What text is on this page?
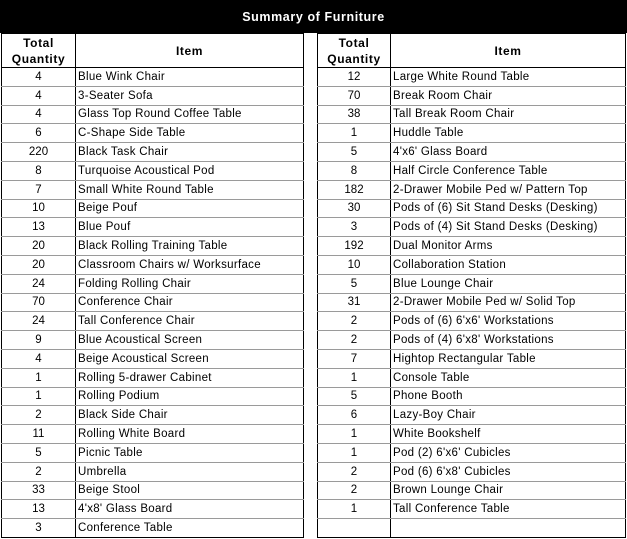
Summary of Furniture
Total
Quantity	Item
4	Blue Wink Chair
4	3-Seater Sofa
4	Glass Top Round Coffee Table
6	C-Shape Side Table
220	Black Task Chair
8	Turquoise Acoustical Pod
7	Small White Round Table
10	Beige Pouf
13	Blue Pouf
20	Black Rolling Training Table
20	Classroom Chairs w/ Worksurface
24	Folding Rolling Chair
70	Conference Chair
24	Tall Conference Chair
9	Blue Acoustical Screen
4	Beige Acoustical Screen
1	Rolling 5-drawer Cabinet
1	Rolling Podium
2	Black Side Chair
11	Rolling White Board
5	Picnic Table
2	Umbrella
33	Beige Stool
13	4'x8' Glass Board
3	Conference Table
Total
Quantity	Item
12	Large White Round Table
70	Break Room Chair
38	Tall Break Room Chair
1	Huddle Table
5	4'x6' Glass Board
8	Half Circle Conference Table
182	2-Drawer Mobile Ped w/ Pattern Top
30	Pods of (6) Sit Stand Desks (Desking)
3	Pods of (4) Sit Stand Desks (Desking)
192	Dual Monitor Arms
10	Collaboration Station
5	Blue Lounge Chair
31	2-Drawer Mobile Ped w/ Solid Top
2	Pods of (6) 6'x6' Workstations
2	Pods of (4) 6'x8' Workstations
7	Hightop Rectangular Table
1	Console Table
5	Phone Booth
6	Lazy-Boy Chair
1	White Bookshelf
1	Pod (2) 6'x6' Cubicles
2	Pod (6) 6'x8' Cubicles
2	Brown Lounge Chair
1	Tall Conference Table
